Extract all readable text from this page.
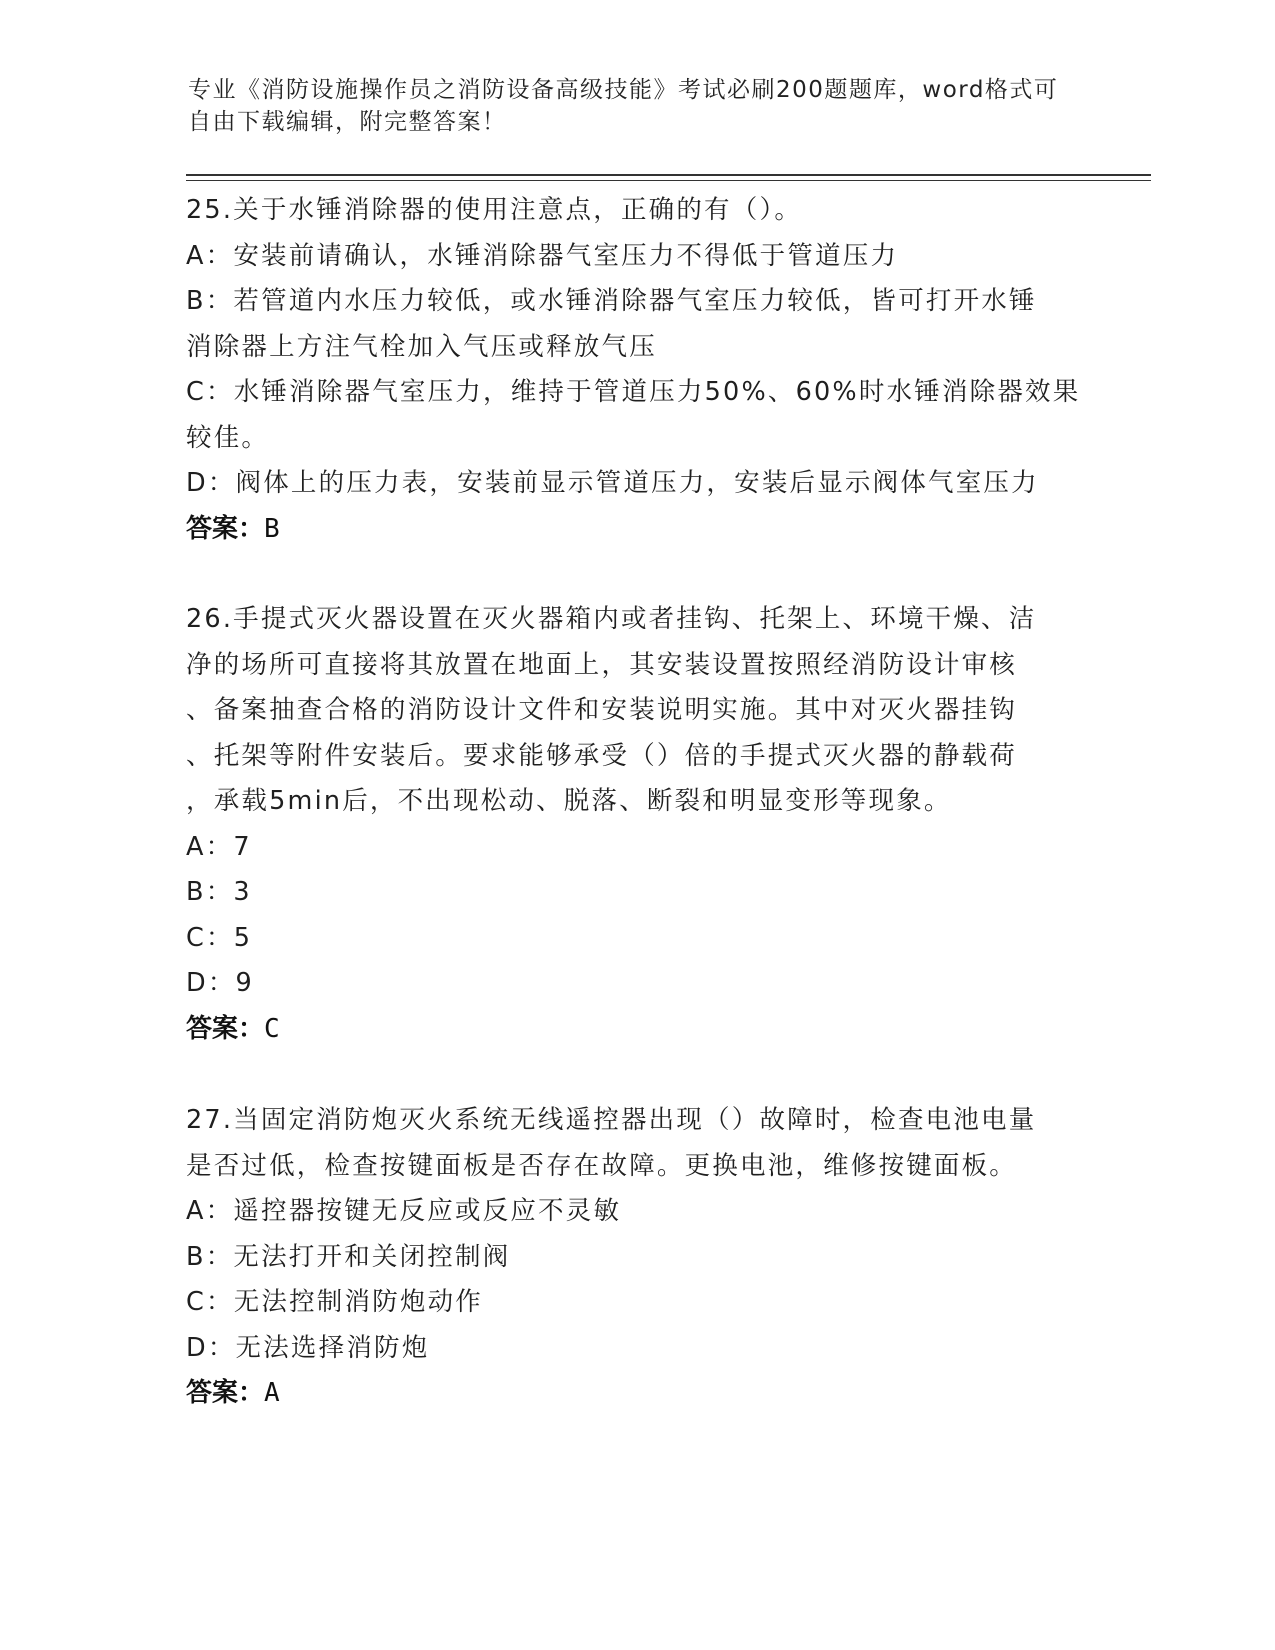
专业《消防设施操作员之消防设备高级技能》考试必刷200题题库，word格式可
自由下载编辑，附完整答案！

25.关于水锤消除器的使用注意点，正确的有（）。

A：安装前请确认，水锤消除器气室压力不得低于管道压力

B：若管道内水压力较低，或水锤消除器气室压力较低，皆可打开水锤

消除器上方注气栓加入气压或释放气压

C：水锤消除器气室压力，维持于管道压力50%、60%时水锤消除器效果

较佳。

D：阀体上的压力表，安装前显示管道压力，安装后显示阀体气室压力

答案：B

26.手提式灭火器设置在灭火器箱内或者挂钩、托架上、环境干燥、洁

净的场所可直接将其放置在地面上，其安装设置按照经消防设计审核

、备案抽查合格的消防设计文件和安装说明实施。其中对灭火器挂钩

、托架等附件安装后。要求能够承受（）倍的手提式灭火器的静载荷

，承载5min后，不出现松动、脱落、断裂和明显变形等现象。

A：7

B：3

C：5

D：9

答案：C

27.当固定消防炮灭火系统无线遥控器出现（）故障时，检查电池电量

是否过低，检查按键面板是否存在故障。更换电池，维修按键面板。

A：遥控器按键无反应或反应不灵敏

B：无法打开和关闭控制阀

C：无法控制消防炮动作

D：无法选择消防炮

答案：A
